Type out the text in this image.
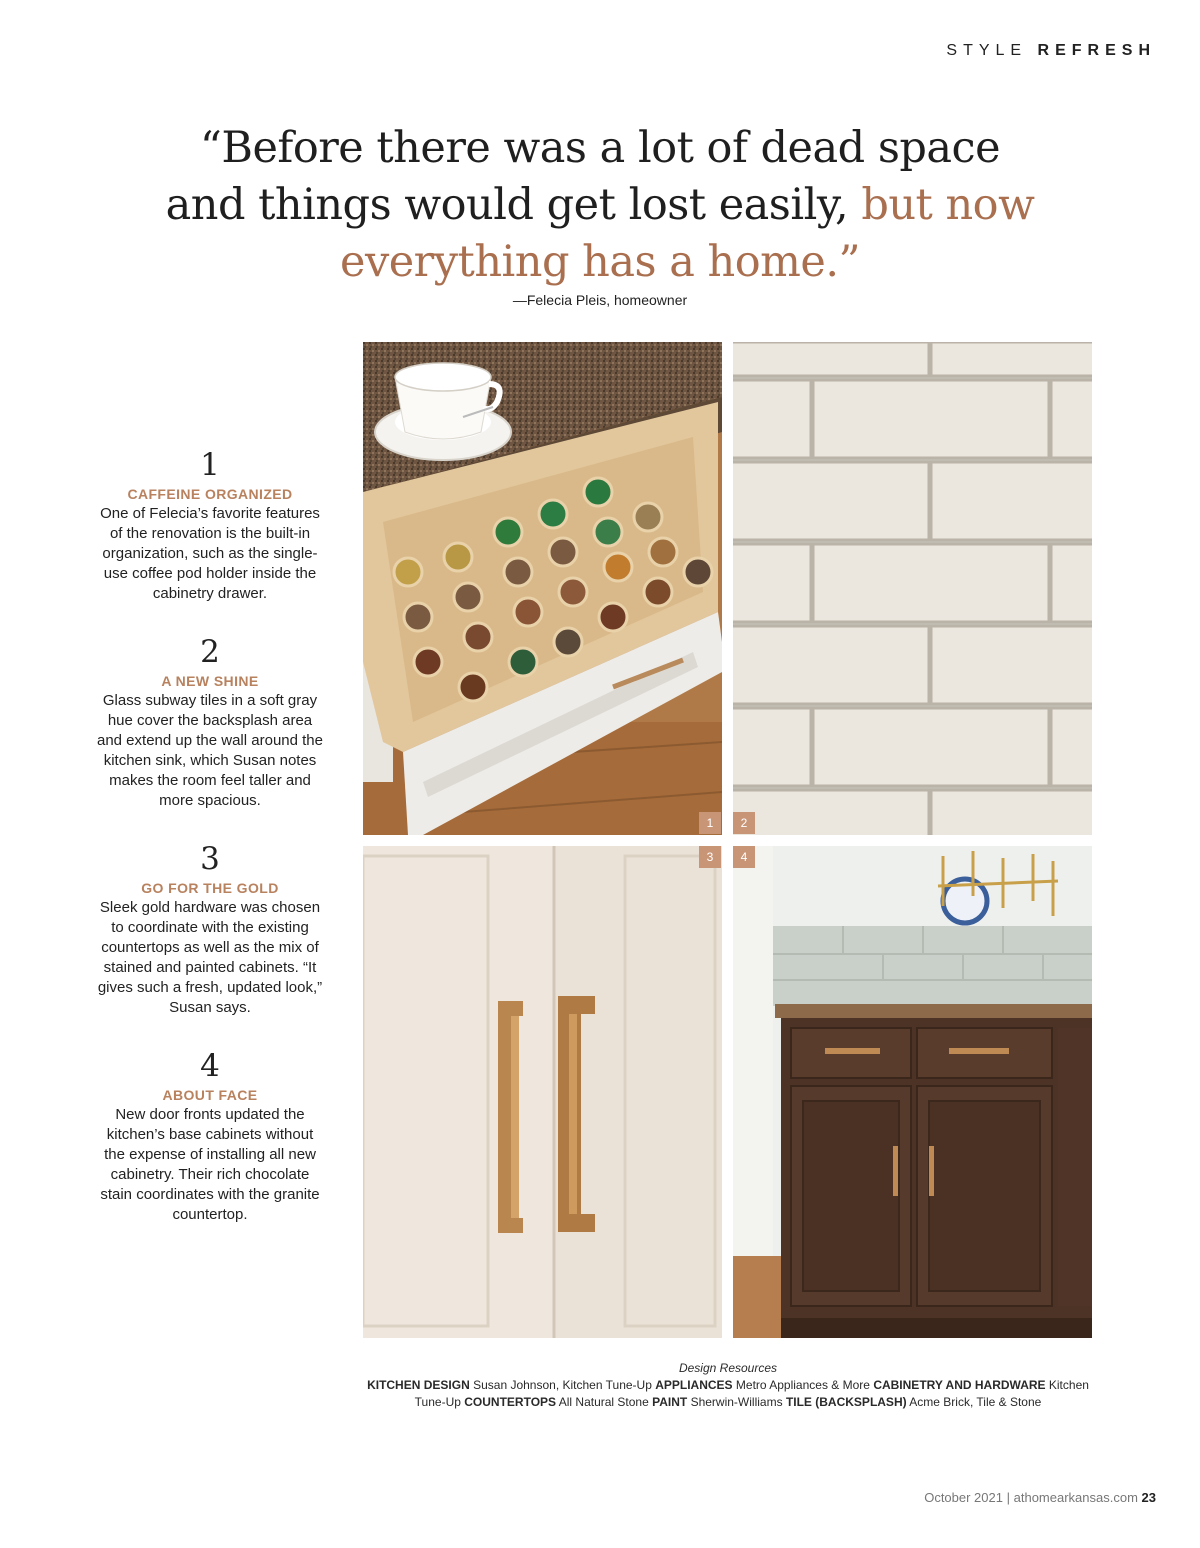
STYLE REFRESH
“Before there was a lot of dead space and things would get lost easily, but now everything has a home.”
—Felecia Pleis, homeowner
1
CAFFEINE ORGANIZED
One of Felecia’s favorite features of the renovation is the built-in organization, such as the single-use coffee pod holder inside the cabinetry drawer.
2
A NEW SHINE
Glass subway tiles in a soft gray hue cover the backsplash area and extend up the wall around the kitchen sink, which Susan notes makes the room feel taller and more spacious.
3
GO FOR THE GOLD
Sleek gold hardware was chosen to coordinate with the existing countertops as well as the mix of stained and painted cabinets. “It gives such a fresh, updated look,” Susan says.
4
ABOUT FACE
New door fronts updated the kitchen’s base cabinets without the expense of installing all new cabinetry. Their rich chocolate stain coordinates with the granite countertop.
1	2
3	4
Design Resources
KITCHEN DESIGN Susan Johnson, Kitchen Tune-Up APPLIANCES Metro Appliances & More CABINETRY AND HARDWARE Kitchen Tune-Up COUNTERTOPS All Natural Stone PAINT Sherwin-Williams TILE (BACKSPLASH) Acme Brick, Tile & Stone
October 2021 | athomearkansas.com 23
